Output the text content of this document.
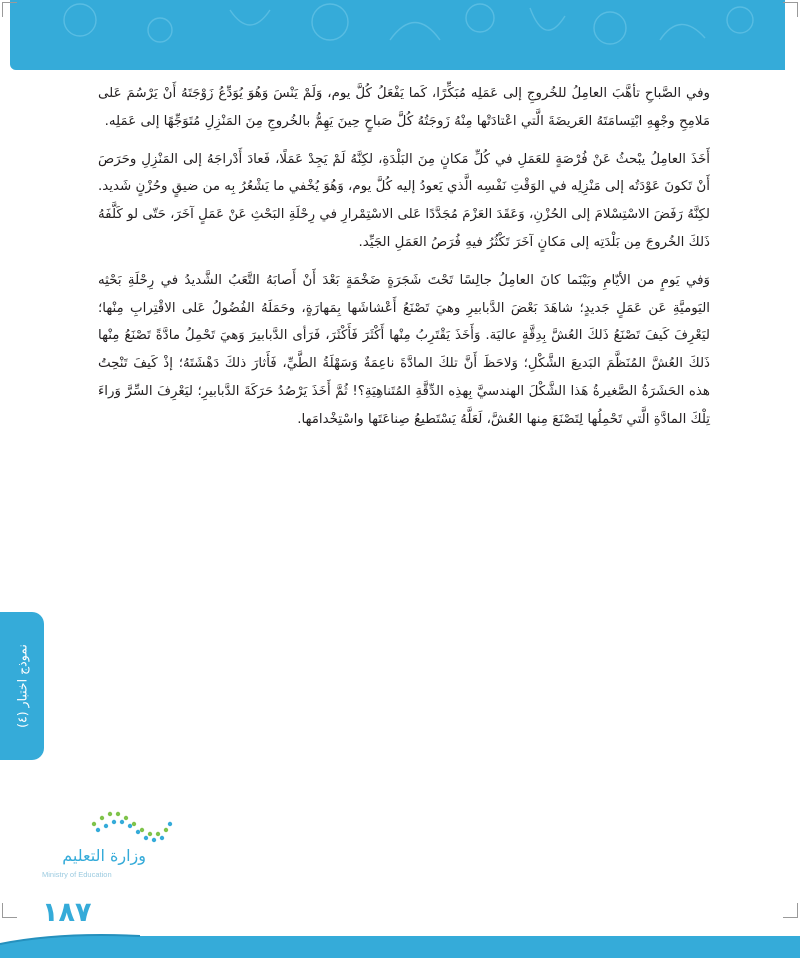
وفي الصَّباحِ تأهَّبَ العامِلُ للخُروجِ إلى عَمَلِه مُبَكِّرًا، كَما يَفْعَلُ كُلَّ يوم، وَلَمْ يَنْسَ وَهُوَ يُوَدِّعُ زَوْجَتَهُ أَنْ يَرْسُمَ عَلى مَلامِحِ وجْهِهِ ابْتِسامَتَهُ العَريضَةَ الَّتي اعْتادَتْها مِنْهُ زَوجَتُهُ كُلَّ صَباحٍ حِينَ يَهِمُّ بالخُروجِ مِنَ المَنْزِلِ مُتَوَجِّهًا إلى عَمَلِه.

أَخَذَ العامِلُ يبْحثُ عَنْ فُرْصَةٍ للعَمَلِ في كُلِّ مَكانٍ مِنَ البَلْدَةِ، لكِنَّهُ لَمْ يَجِدْ عَمَلًا، فَعادَ أَدْراجَهُ إلى المَنْزِلِ وحَرَصَ أَنْ تَكونَ عَوْدَتُه إلى مَنْزِلِه في الوَقْتِ نَفْسِه الَّذي يَعودُ إليه كُلَّ يوم، وَهُوَ يُخْفي ما يَشْعُرُ بِه من ضيقٍ وحُزْنٍ شَديد. لكِنَّهُ رَفَضَ الاسْتِسْلامَ إلى الحُزْنِ، وَعَقَدَ العَزْمَ مُجَدَّدًا عَلى الاسْتِمْرارِ في رِحْلَةِ البَحْثِ عَنْ عَمَلٍ آخَرَ، حَتّى لو كَلَّفَهُ ذَلكَ الخُروجَ مِن بَلْدَتِه إلى مَكانٍ آخَرَ تَكْثُرُ فيهِ فُرَصُ العَمَلِ الجَيِّد.

وَفي يَومٍ من الأيّامِ وبَيْنَما كانَ العامِلُ جالِسًا تَحْتَ شَجَرَةٍ ضَخْمَةٍ بَعْدَ أَنْ أَصابَهُ التَّعَبُ الشَّديدُ في رِحْلَةِ بَحْثِه اليَوميَّةِ عَن عَمَلٍ جَديدٍ؛ شاهَدَ بَعْضَ الدَّبابيرِ وهيَ تَصْنَعُ أَعْشاشَها بِمَهارَةٍ، وحَمَلَهُ الفُضُولُ عَلى الاقْتِرابِ مِنْها؛ ليَعْرِفَ كَيفَ تَصْنَعُ ذَلكَ العُشَّ بِدِقَّةٍ عاليَة. وَأَخَذَ يَقْتَرِبُ مِنْها أَكْثَرَ فَأَكْثَرَ، فَرَأى الدَّبابيرَ وَهيَ تَحْمِلُ مادَّةً تَصْنَعُ مِنْها ذَلكَ العُشَّ المُنَظَّمَ البَديعَ الشَّكْلِ؛ وَلاحَظَ أَنَّ تلكَ المادَّةَ ناعِمَةٌ وَسَهْلَةُ الطَّيِّ، فَأَثارَ ذلكَ دَهْشَتَهُ؛ إذْ كَيفَ تَنْحِتُ هذه الحَشَرَةُ الصَّغيرةُ هَذا الشَّكْلَ الهندسيَّ بِهذِه الدِّقَّةِ المُتَناهِيَةِ؟! ثُمَّ أَخَذَ يَرْصُدُ حَرَكَةَ الدَّبابيرِ؛ ليَعْرِفَ السِّرَّ وَراءَ تِلْكَ المادَّةِ الَّتي تَحْمِلُها لِتَصْنَعَ مِنها العُشَّ، لَعَلَّهُ يَسْتَطيعُ صِناعَتَها واسْتِخْدامَها.

نموذج اختبار (٤)
وزارة التعليم
Ministry of Education
١٨٧
